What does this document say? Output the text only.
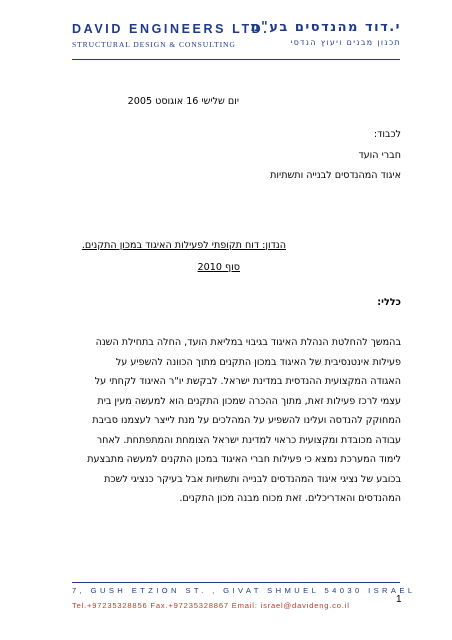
DAVID ENGINEERS LTD.
STRUCTURAL DESIGN & CONSULTING
י.דוד מהנדסים בע"מ
תכנון מבנים ויעוץ הנדסי
יום שלישי 16 אוגוסט 2005
לכבוד:
חברי הועד
איגוד המהנדסים לבנייה ותשתיות
הנדון: דוח תקופתי לפעילות האיגוד במכון התקנים.
סוף 2010
כללי:
בהמשך להחלטת הנהלת האיגוד בגיבוי במליאת הועד, החלה בתחילת השנה
פעילות אינטנסיבית של האיגוד במכון התקנים מתוך הכוונה להשפיע על
האגודה המקצועית ההנדסית במדינת ישראל. לבקשת יו"ר האיגוד לקחתי על
עצמי לרכז פעילות זאת, מתוך ההכרה שמכון התקנים הוא למעשה מעין בית
המחוקק להנדסה ועלינו להשפיע על המהלכים על מנת לייצר לעצמנו סביבת
עבודה מכובדת ומקצועית כראוי למדינת ישראל הצומחת והמתפתחת. לאחר
לימוד המערכת נמצא כי פעילות חברי האיגוד במכון התקנים למעשה מתבצעת
בכובע של נציגי איגוד המהנדסים לבנייה ותשתיות אבל בעיקר כנציגי לשכת
המהנדסים והאדריכלים. זאת מכוח מבנה מכון התקנים.
7, GUSH ETZION ST. , GIVAT SHMUEL 54030 ISRAEL
Tel.+97235328856 Fax.+97235328867 Email: israel@davideng.co.il
1
